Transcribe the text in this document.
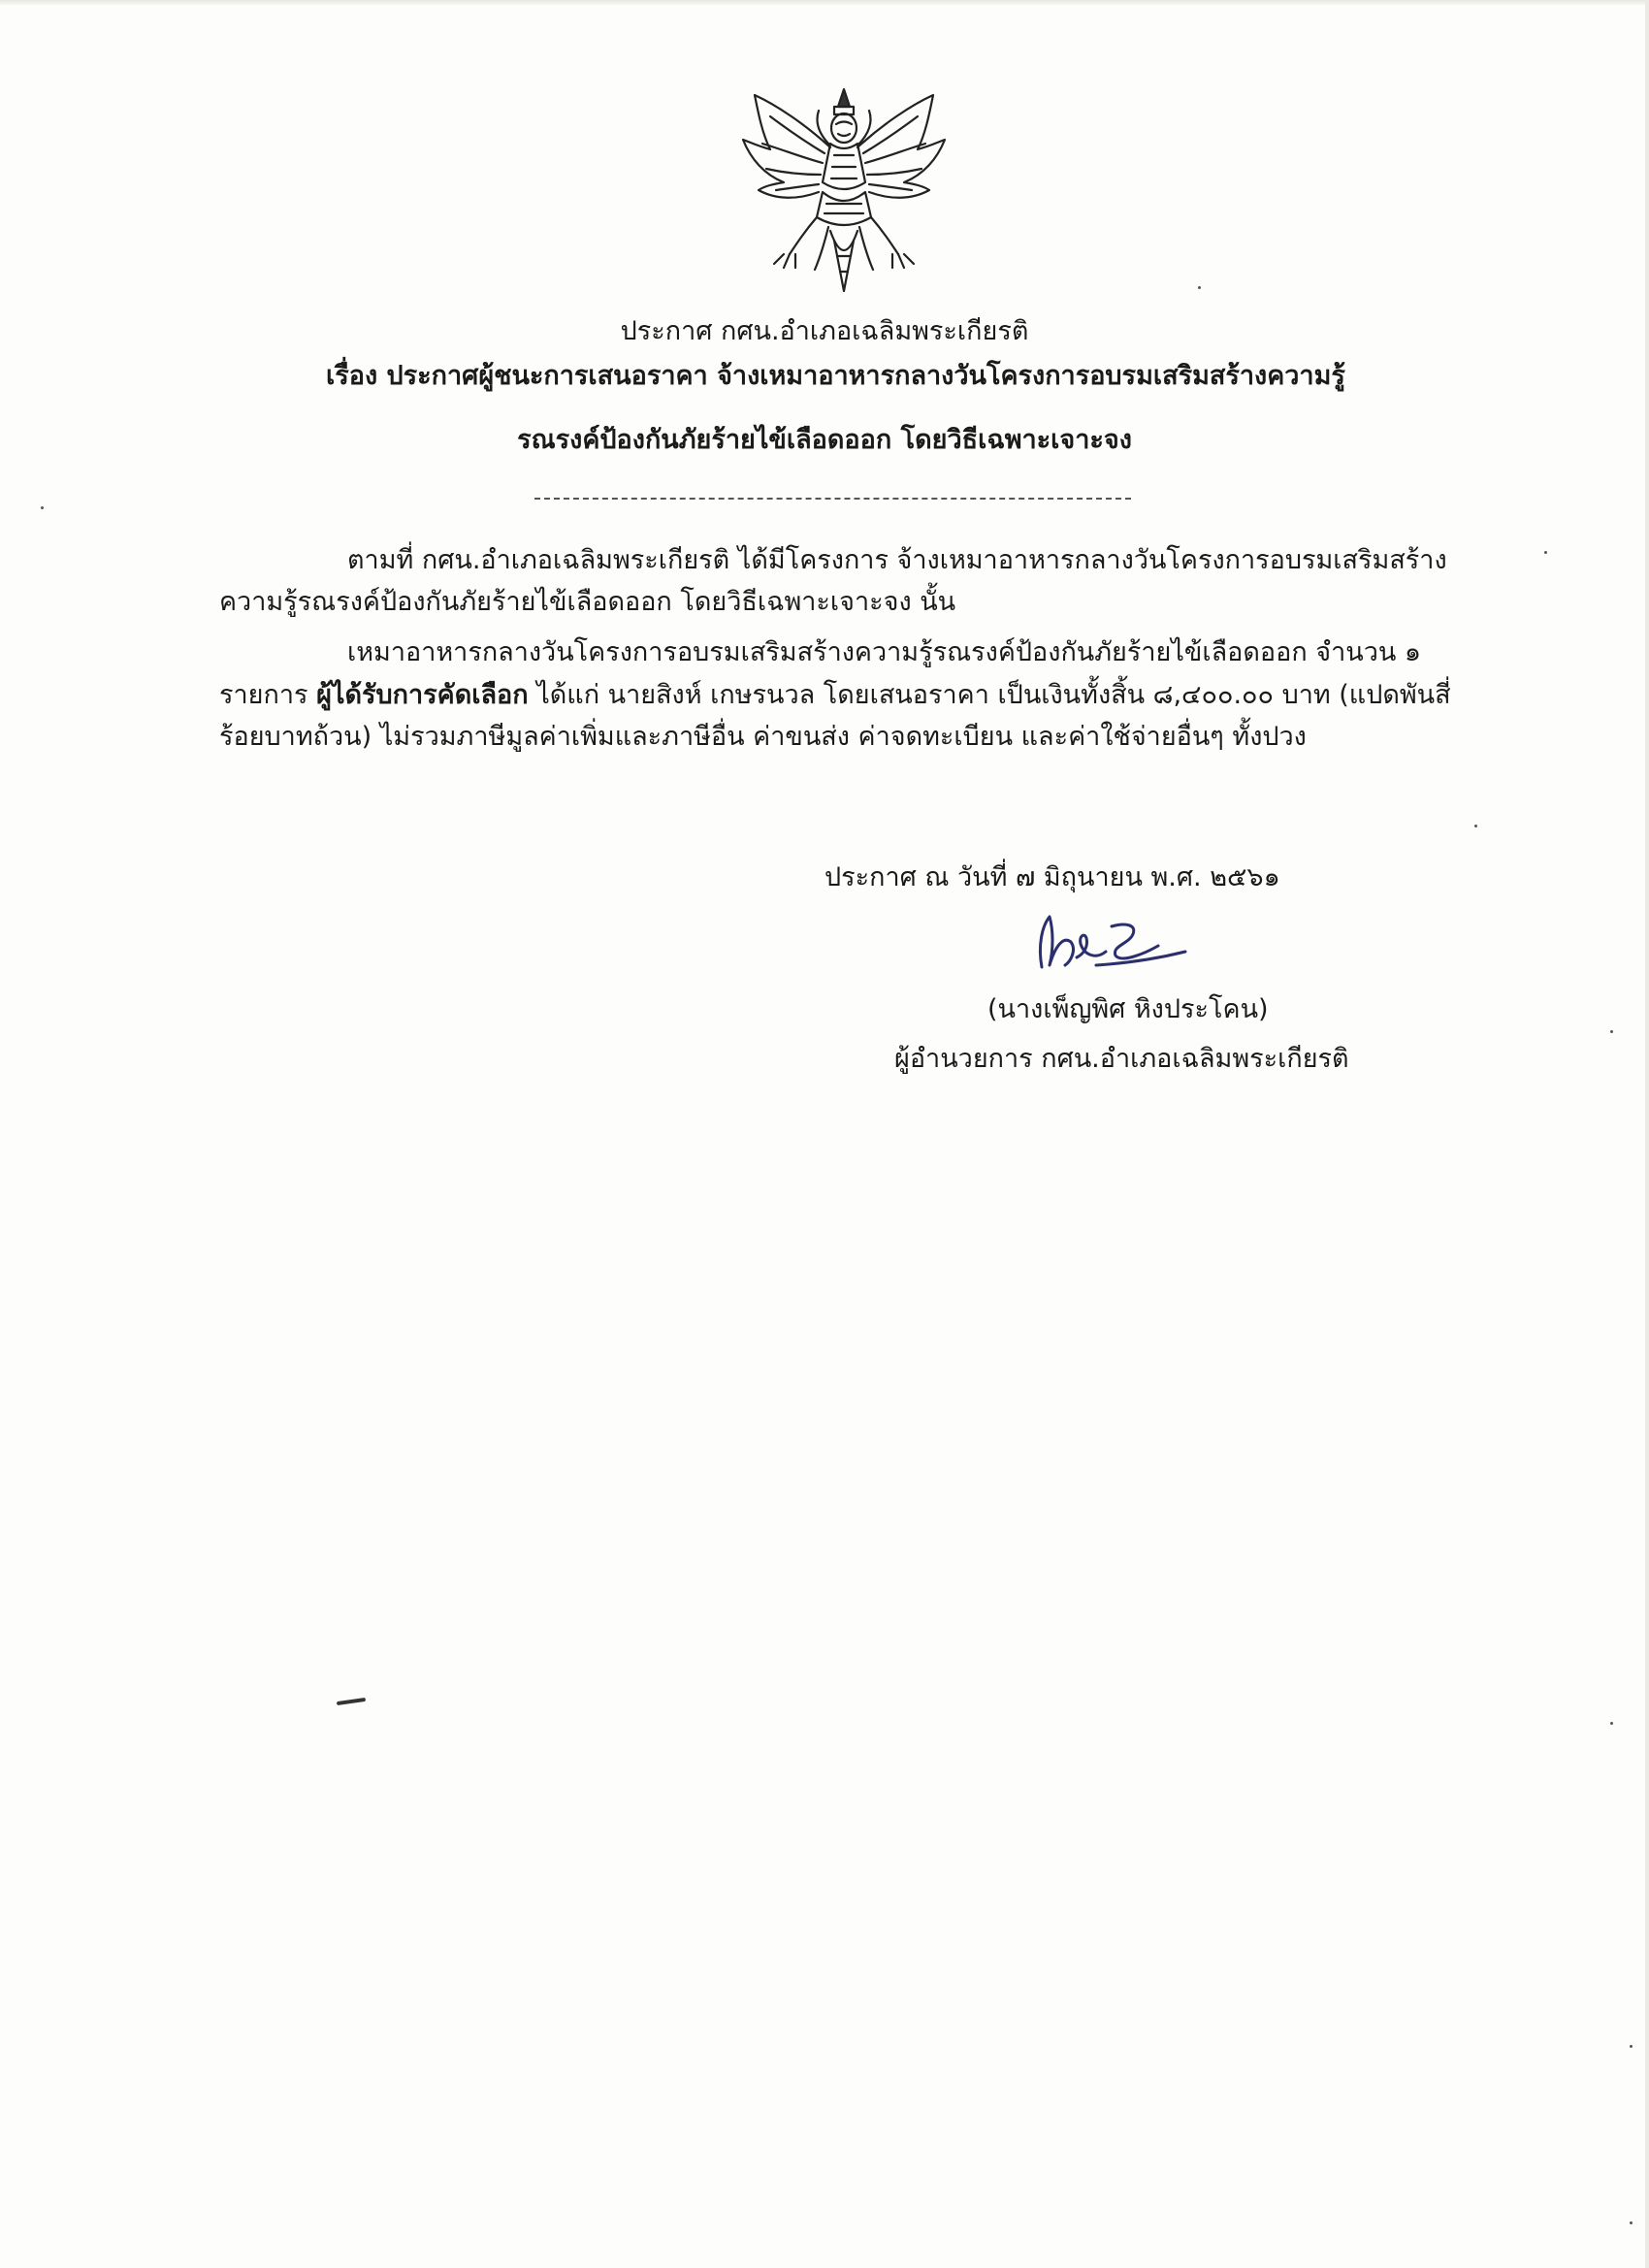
ประกาศ กศน.อำเภอเฉลิมพระเกียรติ
เรื่อง ประกาศผู้ชนะการเสนอราคา จ้างเหมาอาหารกลางวันโครงการอบรมเสริมสร้างความรู้
รณรงค์ป้องกันภัยร้ายไข้เลือดออก โดยวิธีเฉพาะเจาะจง
ตามที่ กศน.อำเภอเฉลิมพระเกียรติ ได้มีโครงการ จ้างเหมาอาหารกลางวันโครงการอบรมเสริมสร้าง
ความรู้รณรงค์ป้องกันภัยร้ายไข้เลือดออก โดยวิธีเฉพาะเจาะจง นั้น
เหมาอาหารกลางวันโครงการอบรมเสริมสร้างความรู้รณรงค์ป้องกันภัยร้ายไข้เลือดออก จำนวน ๑
รายการ ผู้ได้รับการคัดเลือก ได้แก่ นายสิงห์ เกษรนวล โดยเสนอราคา เป็นเงินทั้งสิ้น ๘,๔๐๐.๐๐ บาท (แปดพันสี่
ร้อยบาทถ้วน) ไม่รวมภาษีมูลค่าเพิ่มและภาษีอื่น ค่าขนส่ง ค่าจดทะเบียน และค่าใช้จ่ายอื่นๆ ทั้งปวง
ประกาศ ณ วันที่ ๗ มิถุนายน พ.ศ. ๒๕๖๑
(นางเพ็ญพิศ หิงประโคน)
ผู้อำนวยการ กศน.อำเภอเฉลิมพระเกียรติ
